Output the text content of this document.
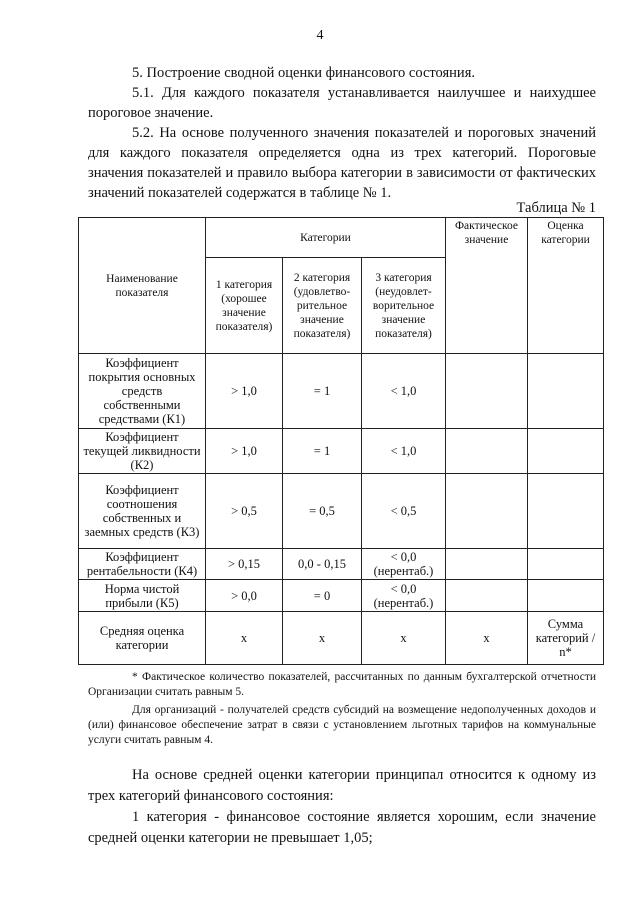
4

5. Построение сводной оценки финансового состояния.

5.1. Для каждого показателя устанавливается наилучшее и наихудшее пороговое значение.

5.2. На основе полученного значения показателей и пороговых значений для каждого показателя определяется одна из трех категорий. Пороговые значения показателей и правило выбора категории в зависимости от фактических значений показателей содержатся в таблице № 1.

Таблица № 1
Наименование показателя	Категории			Фактическое значение	Оценка категории
	1 категория (хорошее значение показателя)	2 категория (удовлетво-рительное значение показателя)	3 категория (неудовлет-ворительное значение показателя)		
Коэффициент покрытия основных средств собственными средствами (К1)	> 1,0	= 1	< 1,0		
Коэффициент текущей ликвидности (К2)	> 1,0	= 1	< 1,0		
Коэффициент соотношения собственных и заемных средств (К3)	> 0,5	= 0,5	< 0,5		
Коэффициент рентабельности (К4)	> 0,15	0,0 - 0,15	< 0,0 (нерентаб.)		
Норма чистой прибыли (К5)	> 0,0	= 0	< 0,0 (нерентаб.)		
Средняя оценка категории	х	х	х	х	Сумма категорий / n*

* Фактическое количество показателей, рассчитанных по данным бухгалтерской отчетности Организации считать равным 5.

Для организаций - получателей средств субсидий на возмещение недополученных доходов и (или) финансовое обеспечение затрат в связи с установлением льготных тарифов на коммунальные услуги считать равным 4.

На основе средней оценки категории принципал относится к одному из трех категорий финансового состояния:

1 категория - финансовое состояние является хорошим, если значение средней оценки категории не превышает 1,05;
